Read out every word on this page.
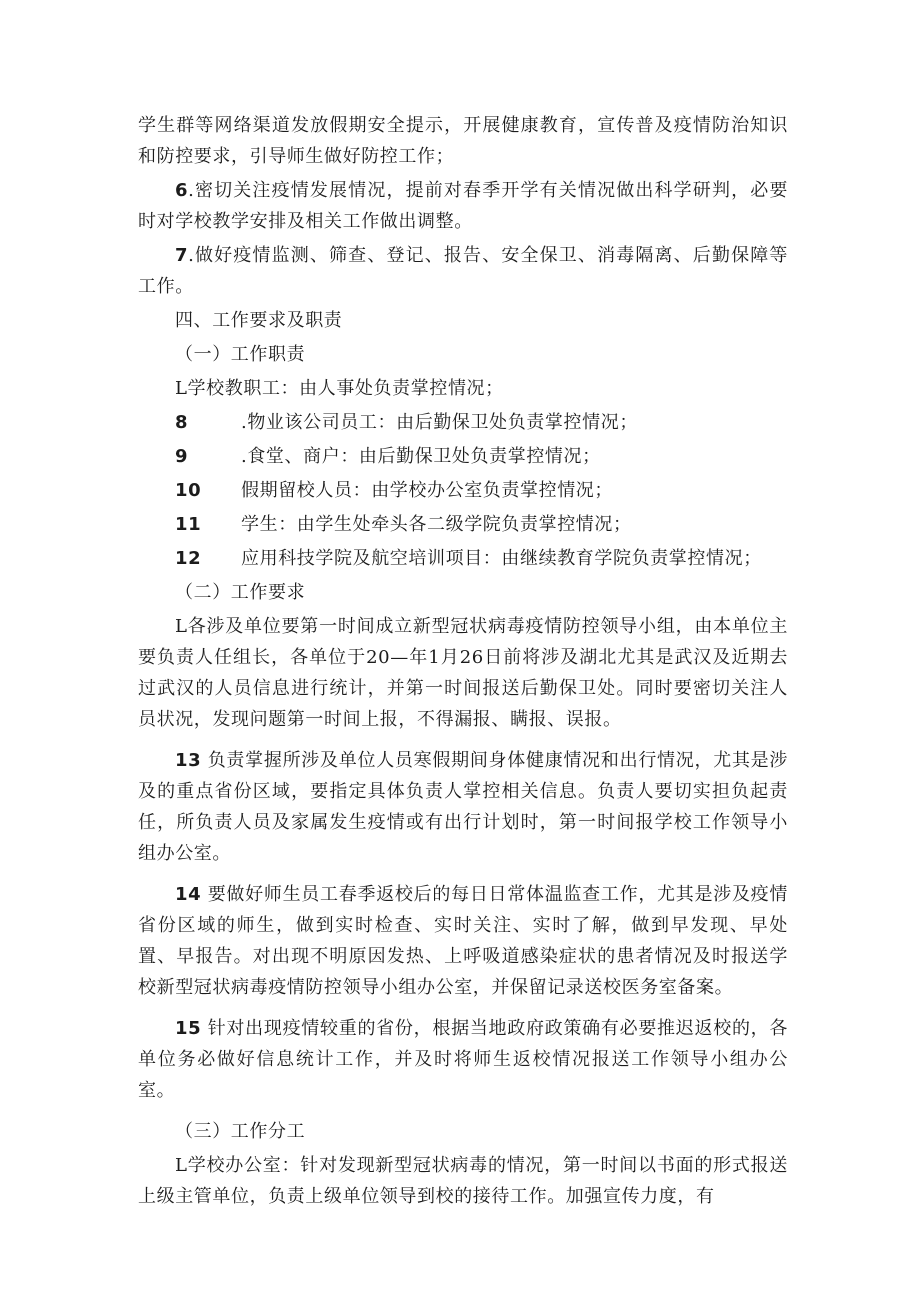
学生群等网络渠道发放假期安全提示，开展健康教育，宣传普及疫情防治知识和防控要求，引导师生做好防控工作；

6.密切关注疫情发展情况，提前对春季开学有关情况做出科学研判，必要时对学校教学安排及相关工作做出调整。

7.做好疫情监测、筛查、登记、报告、安全保卫、消毒隔离、后勤保障等工作。

四、工作要求及职责

（一）工作职责

L学校教职工：由人事处负责掌控情况；

8	.物业该公司员工：由后勤保卫处负责掌控情况；

9	.食堂、商户：由后勤保卫处负责掌控情况；

10 假期留校人员：由学校办公室负责掌控情况；

11 学生：由学生处牵头各二级学院负责掌控情况；

12 应用科技学院及航空培训项目：由继续教育学院负责掌控情况；

（二）工作要求

L各涉及单位要第一时间成立新型冠状病毒疫情防控领导小组，由本单位主要负责人任组长，各单位于20—年1月26日前将涉及湖北尤其是武汉及近期去过武汉的人员信息进行统计，并第一时间报送后勤保卫处。同时要密切关注人员状况，发现问题第一时间上报，不得漏报、瞒报、误报。

13 负责掌握所涉及单位人员寒假期间身体健康情况和出行情况，尤其是涉及的重点省份区域，要指定具体负责人掌控相关信息。负责人要切实担负起责任，所负责人员及家属发生疫情或有出行计划时，第一时间报学校工作领导小组办公室。

14 要做好师生员工春季返校后的每日日常体温监查工作，尤其是涉及疫情省份区域的师生，做到实时检查、实时关注、实时了解，做到早发现、早处置、早报告。对出现不明原因发热、上呼吸道感染症状的患者情况及时报送学校新型冠状病毒疫情防控领导小组办公室，并保留记录送校医务室备案。

15 针对出现疫情较重的省份，根据当地政府政策确有必要推迟返校的，各单位务必做好信息统计工作，并及时将师生返校情况报送工作领导小组办公室。

（三）工作分工

L学校办公室：针对发现新型冠状病毒的情况，第一时间以书面的形式报送上级主管单位，负责上级单位领导到校的接待工作。加强宣传力度，有
